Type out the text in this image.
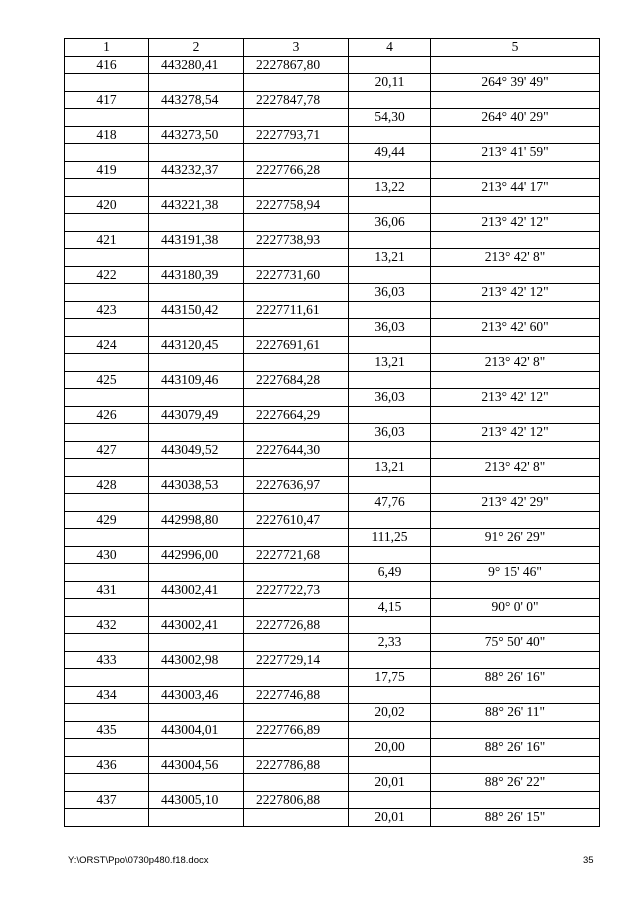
1	2	3	4	5
416	443280,41	2227867,80		
			20,11	264° 39' 49"
417	443278,54	2227847,78		
			54,30	264° 40' 29"
418	443273,50	2227793,71		
			49,44	213° 41' 59"
419	443232,37	2227766,28		
			13,22	213° 44' 17"
420	443221,38	2227758,94		
			36,06	213° 42' 12"
421	443191,38	2227738,93		
			13,21	213° 42' 8"
422	443180,39	2227731,60		
			36,03	213° 42' 12"
423	443150,42	2227711,61		
			36,03	213° 42' 60"
424	443120,45	2227691,61		
			13,21	213° 42' 8"
425	443109,46	2227684,28		
			36,03	213° 42' 12"
426	443079,49	2227664,29		
			36,03	213° 42' 12"
427	443049,52	2227644,30		
			13,21	213° 42' 8"
428	443038,53	2227636,97		
			47,76	213° 42' 29"
429	442998,80	2227610,47		
			111,25	91° 26' 29"
430	442996,00	2227721,68		
			6,49	9° 15' 46"
431	443002,41	2227722,73		
			4,15	90° 0' 0"
432	443002,41	2227726,88		
			2,33	75° 50' 40"
433	443002,98	2227729,14		
			17,75	88° 26' 16"
434	443003,46	2227746,88		
			20,02	88° 26' 11"
435	443004,01	2227766,89		
			20,00	88° 26' 16"
436	443004,56	2227786,88		
			20,01	88° 26' 22"
437	443005,10	2227806,88		
			20,01	88° 26' 15"
Y:\ORST\Ppo\0730p480.f18.docx	35
